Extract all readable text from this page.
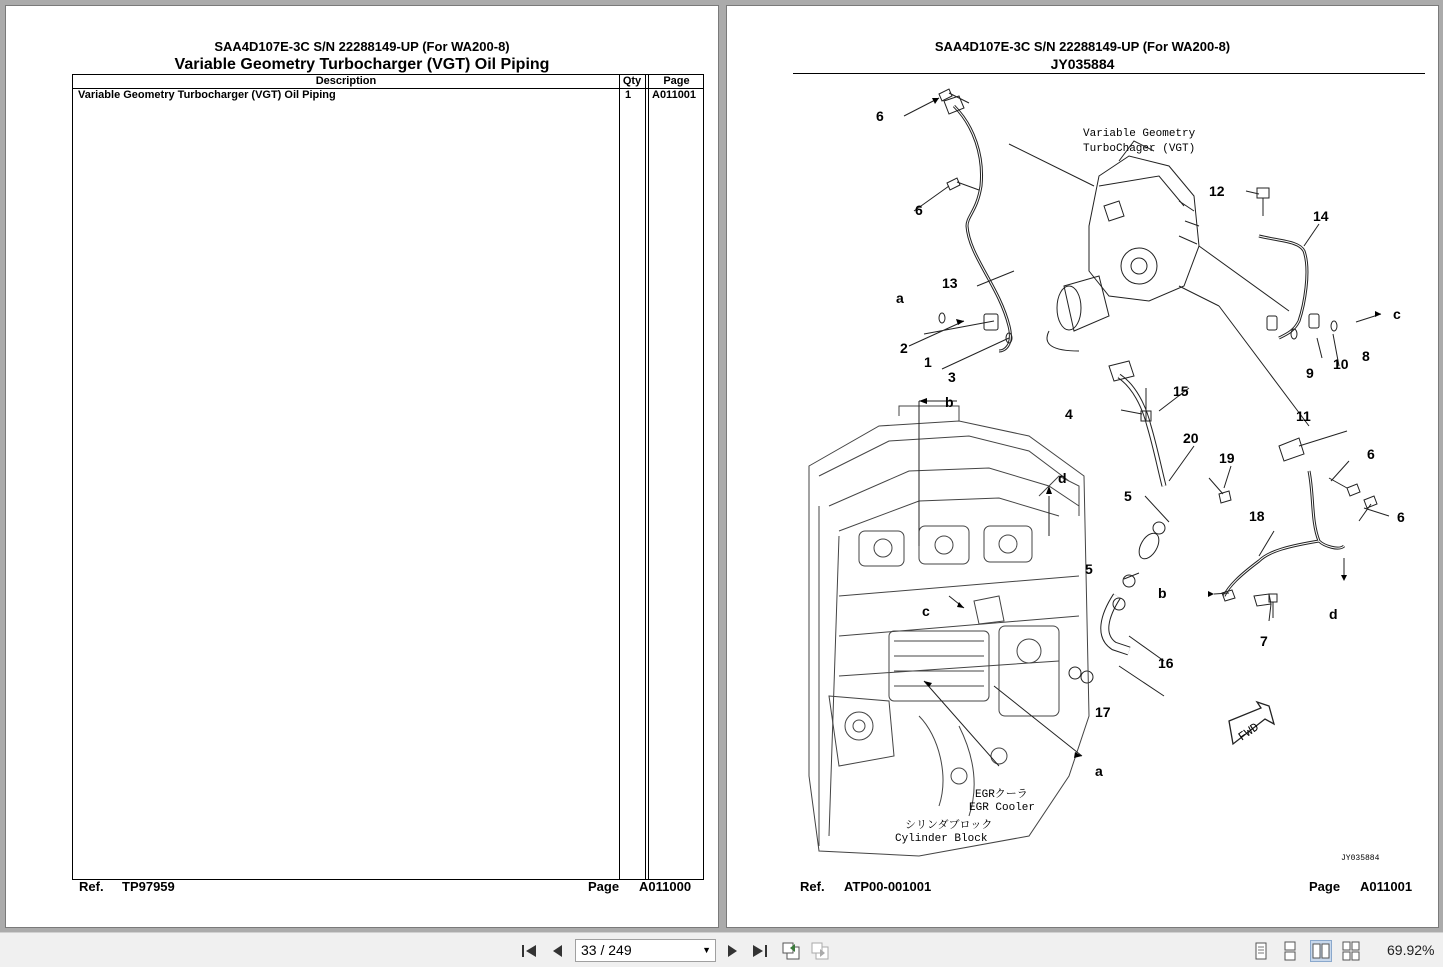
SAA4D107E-3C S/N 22288149-UP (For WA200-8)
Variable Geometry Turbocharger (VGT) Oil Piping
Description	Qty	Page
Variable Geometry Turbocharger (VGT) Oil Piping	1 A011001
Ref. TP97959	Page A011000
SAA4D107E-3C S/N 22288149-UP (For WA200-8)
JY035884
Variable Geometry
TurboChager (VGT)
EGRクーラ
EGR Cooler
シリンダブロック
Cylinder Block
FWD
JY035884
6
6
13
a
2
1
3
12
14
c
8
10
9
b
4
15
20
19
11
6
6
d
5
18
5
b
d
7
c
16
17
a
Ref. ATP00-001001	Page A011001
33 / 249	▼	69.92%
